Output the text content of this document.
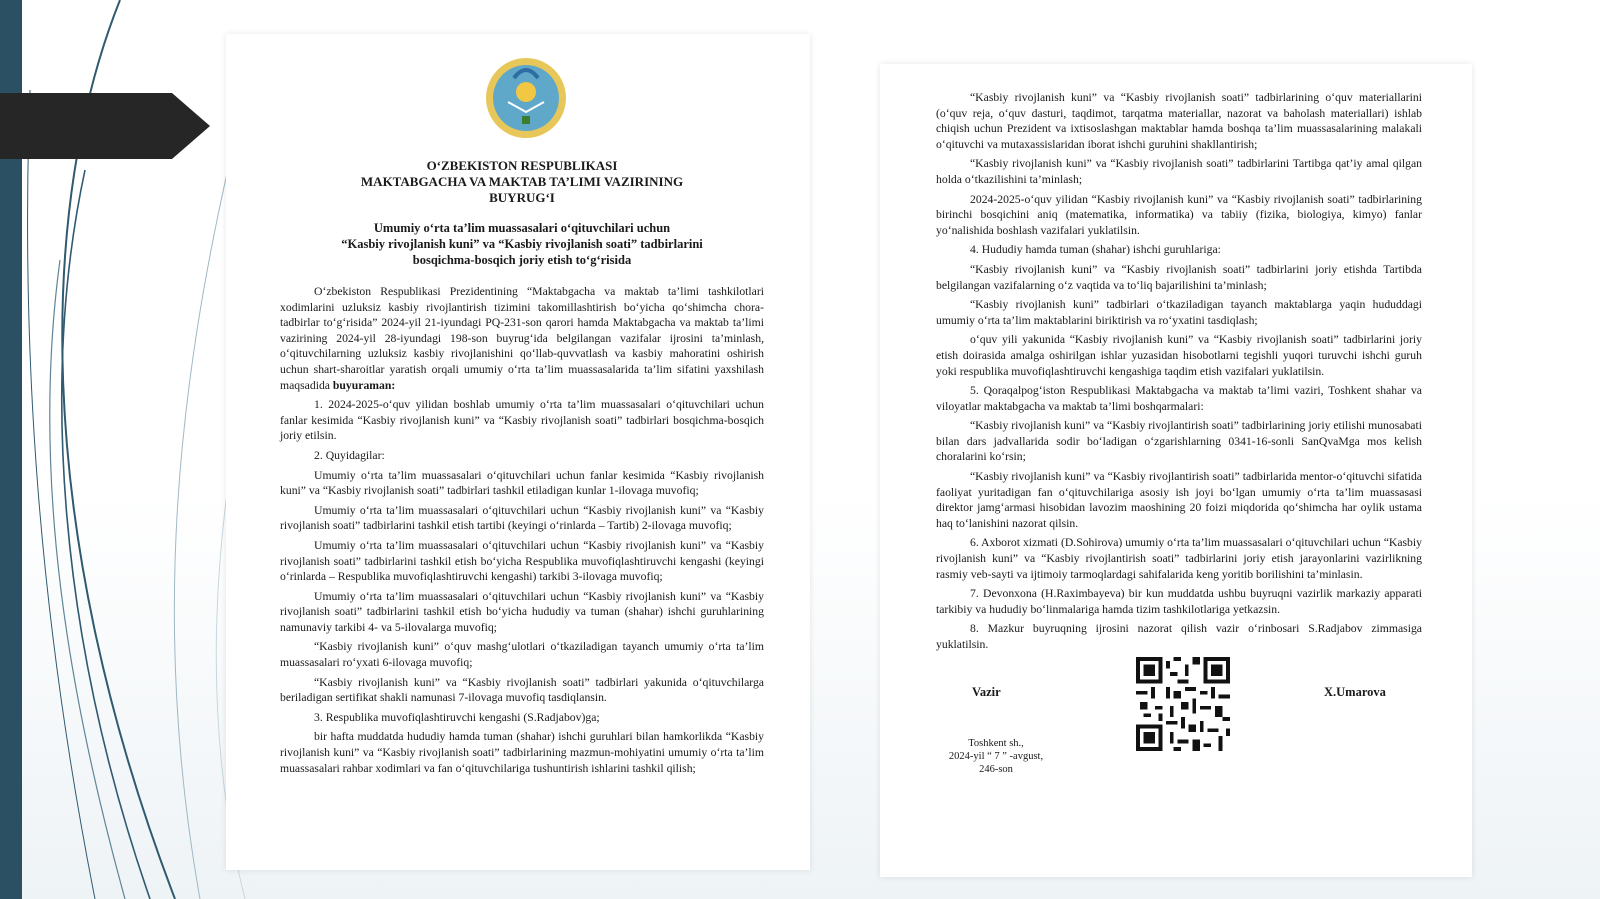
O‘ZBEKISTON RESPUBLIKASI

MAKTABGACHA VA MAKTAB TA’LIMI VAZIRINING

BUYRUG‘I

Umumiy o‘rta ta’lim muassasalari o‘qituvchilari uchun
“Kasbiy rivojlanish kuni” va “Kasbiy rivojlanish soati” tadbirlarini
bosqichma-bosqich joriy etish to‘g‘risida

O‘zbekiston Respublikasi Prezidentining “Maktabgacha va maktab ta’limi tashkilotlari xodimlarini uzluksiz kasbiy rivojlantirish tizimini takomillashtirish bo‘yicha qo‘shimcha chora-tadbirlar to‘g‘risida” 2024-yil 21-iyundagi PQ-231-son qarori hamda Maktabgacha va maktab ta’limi vazirining 2024-yil 28-iyundagi 198-son buyrug‘ida belgilangan vazifalar ijrosini ta’minlash, o‘qituvchilarning uzluksiz kasbiy rivojlanishini qo‘llab-quvvatlash va kasbiy mahoratini oshirish uchun shart-sharoitlar yaratish orqali umumiy o‘rta ta’lim muassasalarida ta’lim sifatini yaxshilash maqsadida buyuraman:

1. 2024-2025-o‘quv yilidan boshlab umumiy o‘rta ta’lim muassasalari o‘qituvchilari uchun fanlar kesimida “Kasbiy rivojlanish kuni” va “Kasbiy rivojlanish soati” tadbirlari bosqichma-bosqich joriy etilsin.

2. Quyidagilar:

Umumiy o‘rta ta’lim muassasalari o‘qituvchilari uchun fanlar kesimida “Kasbiy rivojlanish kuni” va “Kasbiy rivojlanish soati” tadbirlari tashkil etiladigan kunlar 1-ilovaga muvofiq;

Umumiy o‘rta ta’lim muassasalari o‘qituvchilari uchun “Kasbiy rivojlanish kuni” va “Kasbiy rivojlanish soati” tadbirlarini tashkil etish tartibi (keyingi o‘rinlarda – Tartib) 2-ilovaga muvofiq;

Umumiy o‘rta ta’lim muassasalari o‘qituvchilari uchun “Kasbiy rivojlanish kuni” va “Kasbiy rivojlanish soati” tadbirlarini tashkil etish bo‘yicha Respublika muvofiqlashtiruvchi kengashi (keyingi o‘rinlarda – Respublika muvofiqlashtiruvchi kengashi) tarkibi 3-ilovaga muvofiq;

Umumiy o‘rta ta’lim muassasalari o‘qituvchilari uchun “Kasbiy rivojlanish kuni” va “Kasbiy rivojlanish soati” tadbirlarini tashkil etish bo‘yicha hududiy va tuman (shahar) ishchi guruhlarining namunaviy tarkibi 4- va 5-ilovalarga muvofiq;

“Kasbiy rivojlanish kuni” o‘quv mashg‘ulotlari o‘tkaziladigan tayanch umumiy o‘rta ta’lim muassasalari ro‘yxati 6-ilovaga muvofiq;

“Kasbiy rivojlanish kuni” va “Kasbiy rivojlanish soati” tadbirlari yakunida o‘qituvchilarga beriladigan sertifikat shakli namunasi 7-ilovaga muvofiq tasdiqlansin.

3. Respublika muvofiqlashtiruvchi kengashi (S.Radjabov)ga;

bir hafta muddatda hududiy hamda tuman (shahar) ishchi guruhlari bilan hamkorlikda “Kasbiy rivojlanish kuni” va “Kasbiy rivojlanish soati” tadbirlarining mazmun-mohiyatini umumiy o‘rta ta’lim muassasalari rahbar xodimlari va fan o‘qituvchilariga tushuntirish ishlarini tashkil qilish;

“Kasbiy rivojlanish kuni” va “Kasbiy rivojlanish soati” tadbirlarining o‘quv materiallarini (o‘quv reja, o‘quv dasturi, taqdimot, tarqatma materiallar, nazorat va baholash materiallari) ishlab chiqish uchun Prezident va ixtisoslashgan maktablar hamda boshqa ta’lim muassasalarining malakali o‘qituvchi va mutaxassislaridan iborat ishchi guruhini shakllantirish;

“Kasbiy rivojlanish kuni” va “Kasbiy rivojlanish soati” tadbirlarini Tartibga qat’iy amal qilgan holda o‘tkazilishini ta’minlash;

2024-2025-o‘quv yilidan “Kasbiy rivojlanish kuni” va “Kasbiy rivojlanish soati” tadbirlarining birinchi bosqichini aniq (matematika, informatika) va tabiiy (fizika, biologiya, kimyo) fanlar yo‘nalishida boshlash vazifalari yuklatilsin.

4. Hududiy hamda tuman (shahar) ishchi guruhlariga:

“Kasbiy rivojlanish kuni” va “Kasbiy rivojlanish soati” tadbirlarini joriy etishda Tartibda belgilangan vazifalarning o‘z vaqtida va to‘liq bajarilishini ta’minlash;

“Kasbiy rivojlanish kuni” tadbirlari o‘tkaziladigan tayanch maktablarga yaqin hududdagi umumiy o‘rta ta’lim maktablarini biriktirish va ro‘yxatini tasdiqlash;

o‘quv yili yakunida “Kasbiy rivojlanish kuni” va “Kasbiy rivojlanish soati” tadbirlarini joriy etish doirasida amalga oshirilgan ishlar yuzasidan hisobotlarni tegishli yuqori turuvchi ishchi guruh yoki respublika muvofiqlashtiruvchi kengashiga taqdim etish vazifalari yuklatilsin.

5. Qoraqalpog‘iston Respublikasi Maktabgacha va maktab ta’limi vaziri, Toshkent shahar va viloyatlar maktabgacha va maktab ta’limi boshqarmalari:

“Kasbiy rivojlanish kuni” va “Kasbiy rivojlantirish soati” tadbirlarining joriy etilishi munosabati bilan dars jadvallarida sodir bo‘ladigan o‘zgarishlarning 0341-16-sonli SanQvaMga mos kelish choralarini ko‘rsin;

“Kasbiy rivojlanish kuni” va “Kasbiy rivojlantirish soati” tadbirlarida mentor-o‘qituvchi sifatida faoliyat yuritadigan fan o‘qituvchilariga asosiy ish joyi bo‘lgan umumiy o‘rta ta’lim muassasasi direktor jamg‘armasi hisobidan lavozim maoshining 20 foizi miqdorida qo‘shimcha har oylik ustama haq to‘lanishini nazorat qilsin.

6. Axborot xizmati (D.Sohirova) umumiy o‘rta ta’lim muassasalari o‘qituvchilari uchun “Kasbiy rivojlanish kuni” va “Kasbiy rivojlantirish soati” tadbirlarini joriy etish jarayonlarini vazirlikning rasmiy veb-sayti va ijtimoiy tarmoqlardagi sahifalarida keng yoritib borilishini ta’minlasin.

7. Devonxona (H.Raximbayeva) bir kun muddatda ushbu buyruqni vazirlik markaziy apparati tarkibiy va hududiy bo‘linmalariga hamda tizim tashkilotlariga yetkazsin.

8. Mazkur buyruqning ijrosini nazorat qilish vazir o‘rinbosari S.Radjabov zimmasiga yuklatilsin.

Vazir	X.Umarova
Toshkent sh.,
2024-yil “ 7 ” -avgust,
246-son
